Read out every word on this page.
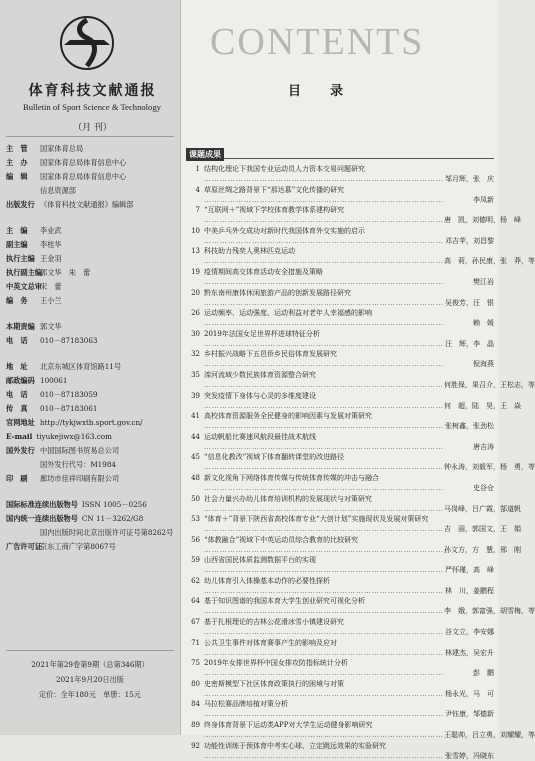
体育科技文献通报
Bulletin of Sport Science & Technology
（月 刊）
主　管 国家体育总局
主　办 国家体育总局体育信息中心
编　辑 国家体育总局体育信息中心
信息资源部
出版发行 《体育科技文献通报》编辑部
主　编 李业武
副主编 李桂华
执行主编 王金羽
执行副主编郭文华　朱　蕾
中英文总审宋　蕾
编　务 王小兰
本期责编 郭文华
电　话 010－87183063
地　址 北京东城区体育馆路11号
邮政编码 100061
电　话 010－87183059
传　真 010－87183061
官网地址 http://tykjwxtb.sport.gov.cn/
E-mail tiyukejiwx@163.com
国外发行 中国国际图书贸易总公司
国外发行代号：M1984
印　刷 廊坊市佳祥印刷有限公司
国际标准连续出版物号 ISSN 1005－0256
国内统一连续出版物号 CN 11－3262/G8
国内出版时间北京出版许可证号第8262号
广告许可证京东工商广字第8067号
2021年第29卷第9期（总第346期）
2021年9月20日出版
定价：全年180元　单册：15元
CONTENTS
目　录
课题成果
1 结构化理论下我国专业运动员人力资本交易问题研究
……………………………………………………………………………… 邹月辉，张　庆
4 草原丝绸之路背景下“那达慕”文化传播的研究
………………………………………………………………………………	李凤新
7 “互联网＋”视域下学校体育教学体系建构研究
……………………………………………………………………………… 唐　凯，刘德明，杨　峰
10 中美乒乓外交成功对新时代我国体育外交实施的启示
……………………………………………………………………………… 邓吉苹，刘昌黎
13 科技助力残奕人奥林匹克运动
……………………………………………………………………………… 高　莉，孙民康，张　莽，等
19 疫情期间高交体育活动安全措施及策略
………………………………………………………………………………	樊江岩
20 黔东南州康体休闲旅游产品的创新发展路径研究
……………………………………………………………………………… 吴俊芳，汪　银
26 运动频率、运动强度、运动利益对老年人幸福感的影响
………………………………………………………………………………	赖　媛
30 2019年法国女足世界杯进球特征分析
……………………………………………………………………………… 汪　辉，李　晶
32 乡村振兴战略下五邑侨乡民俗体育发展研究
………………………………………………………………………………	倪海燕
35 滦河流域少数民族体育资源整合研究
……………………………………………………………………………… 何胜保，果召介，王松志，等
39 突发疫情下身体与心灵的多维度建设
……………………………………………………………………………… 何　超，陆　昊，王　焱
41 高校体育资源服务全民健身的影响因素与发展对策研究
……………………………………………………………………………… 张树鑫，张劲松
44 运动帆船比赛速风航段最佳战术航线
………………………………………………………………………………	唐吉涛
45 “信息化教改”视域下体育翻转课堂的改进路径
……………………………………………………………………………… 钟永涛，刘毅军，杨　勇，等
48 新文化视角下网络体育传媒与传统体育传媒的冲击与融合
………………………………………………………………………………	史谷仓
50 社会力量兴办幼儿体育培训机构的发展现状与对策研究
……………………………………………………………………………… 马岗峰，吕广霞，郜道帆
53 “体育＋”背景下陕西省高校体育专业“大创计划”实施现状及发展对策研究
……………………………………………………………………………… 吉　丽，郭国文，王　娟
56 “体教融合”视域下中英运动员综合教育的比较研究
……………………………………………………………………………… 孙文方，方　慧，邢　刚
59 山西省国民体质监测数据平台的实现
……………………………………………………………………………… 严怀瑾，高　峰
62 幼儿体育引入体操基本动作的必要性探析
……………………………………………………………………………… 林　川，姜鹏程
64 基于知识图谱的我国本育大学生创业研究可视化分析
……………………………………………………………………………… 李　娥，郭富强，胡雪梅，等
67 基于扎根理论的吉林公花滑冰雪小镇建设研究
……………………………………………………………………………… 谷文立，李安娜
71 公共卫生事件对体育赛事产生的影响及应对
……………………………………………………………………………… 林建杰，吴宏升
75 2019年女排世界杯中国女排攻防指标统计分析
………………………………………………………………………………	彭　鹏
80 史密斯模型下社区体育政策执行的困境与对策
……………………………………………………………………………… 杨永光，马　可
84 马拉松赛品牌培植对策分析
……………………………………………………………………………… 尹钰康，邹德新
89 终身体育背景下运动类APP对大学生运动健身影响研究
……………………………………………………………………………… 王聪帅，吕立勇，刘耀耀，等
92 功能性训练于预体育中考实心球、立定跳远效果的实验研究
……………………………………………………………………………… 张雪婷，冯晓东
